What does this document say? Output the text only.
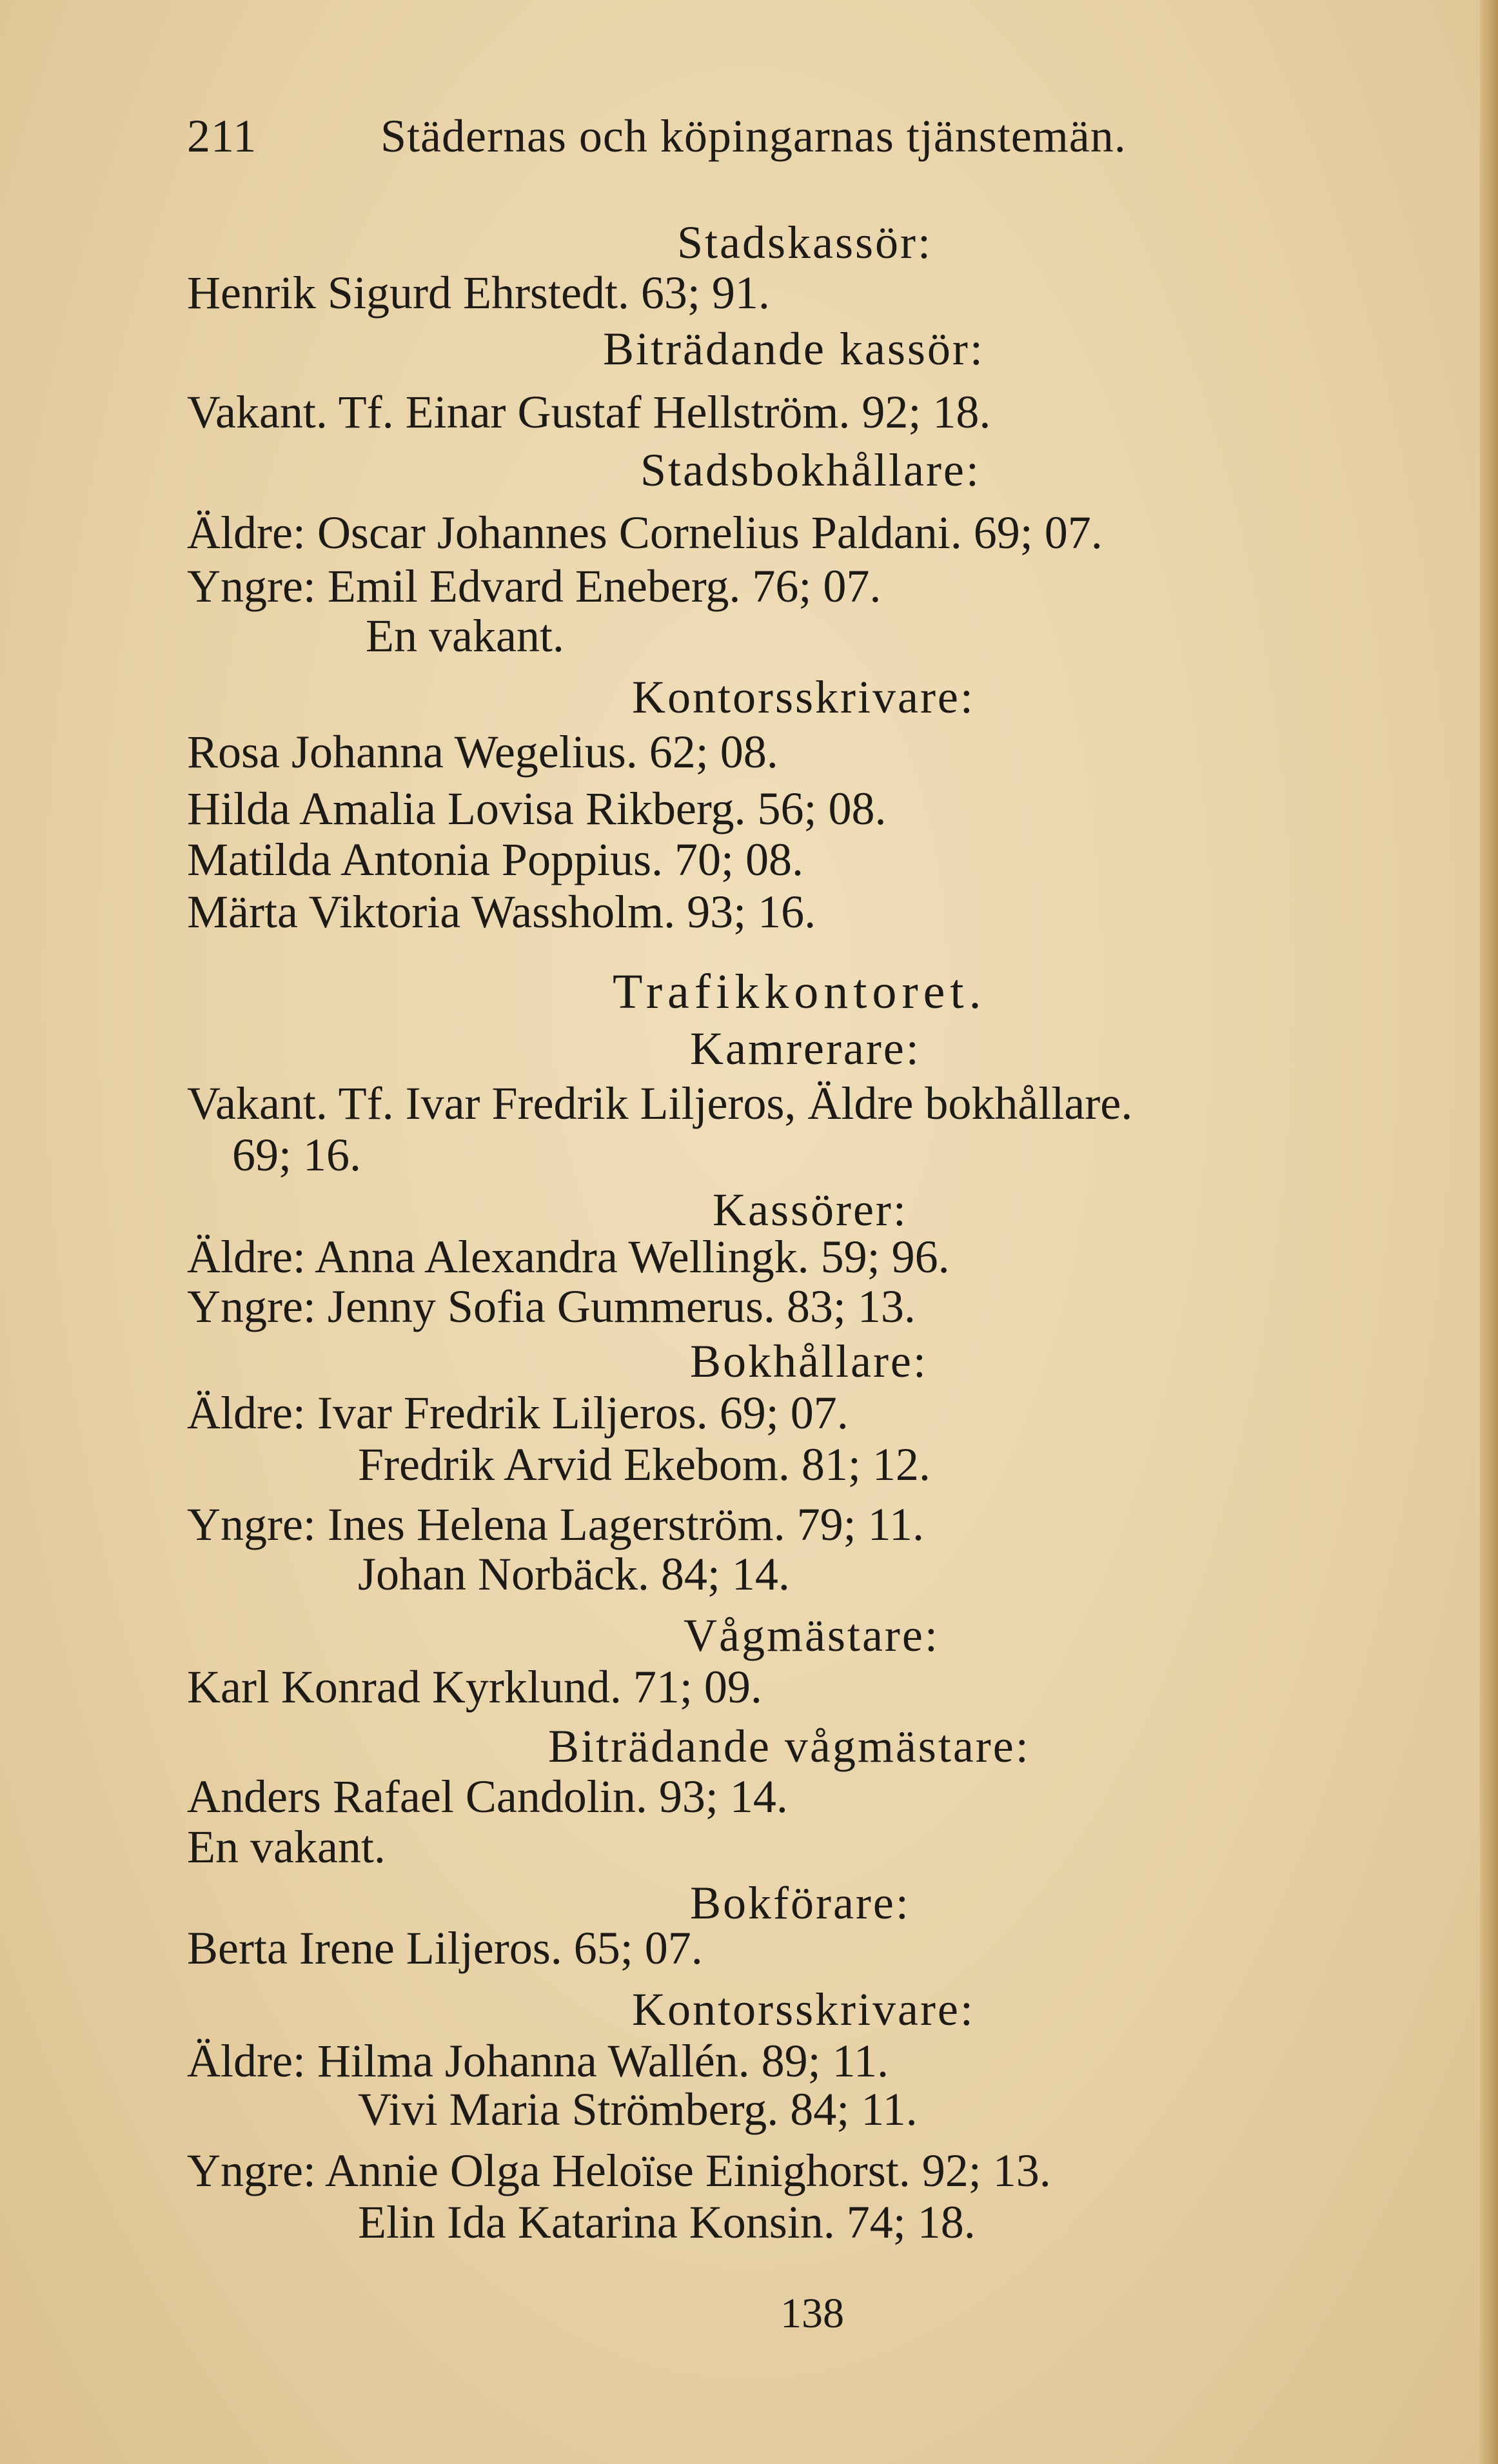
211	Städernas och köpingarnas tjänstemän.
Stadskassör:
Henrik Sigurd Ehrstedt. 63; 91.
Biträdande kassör:
Vakant. Tf. Einar Gustaf Hellström. 92; 18.
Stadsbokhållare:
Äldre: Oscar Johannes Cornelius Paldani. 69; 07.
Yngre: Emil Edvard Eneberg. 76; 07.
En vakant.
Kontorsskrivare:
Rosa Johanna Wegelius. 62; 08.
Hilda Amalia Lovisa Rikberg. 56; 08.
Matilda Antonia Poppius. 70; 08.
Märta Viktoria Wassholm. 93; 16.
Trafikkontoret.
Kamrerare:
Vakant. Tf. Ivar Fredrik Liljeros, Äldre bokhållare.
69; 16.
Kassörer:
Äldre: Anna Alexandra Wellingk. 59; 96.
Yngre: Jenny Sofia Gummerus. 83; 13.
Bokhållare:
Äldre: Ivar Fredrik Liljeros. 69; 07.
Fredrik Arvid Ekebom. 81; 12.
Yngre: Ines Helena Lagerström. 79; 11.
Johan Norbäck. 84; 14.
Vågmästare:
Karl Konrad Kyrklund. 71; 09.
Biträdande vågmästare:
Anders Rafael Candolin. 93; 14.
En vakant.
Bokförare:
Berta Irene Liljeros. 65; 07.
Kontorsskrivare:
Äldre: Hilma Johanna Wallén. 89; 11.
Vivi Maria Strömberg. 84; 11.
Yngre: Annie Olga Heloïse Einighorst. 92; 13.
Elin Ida Katarina Konsin. 74; 18.
138
